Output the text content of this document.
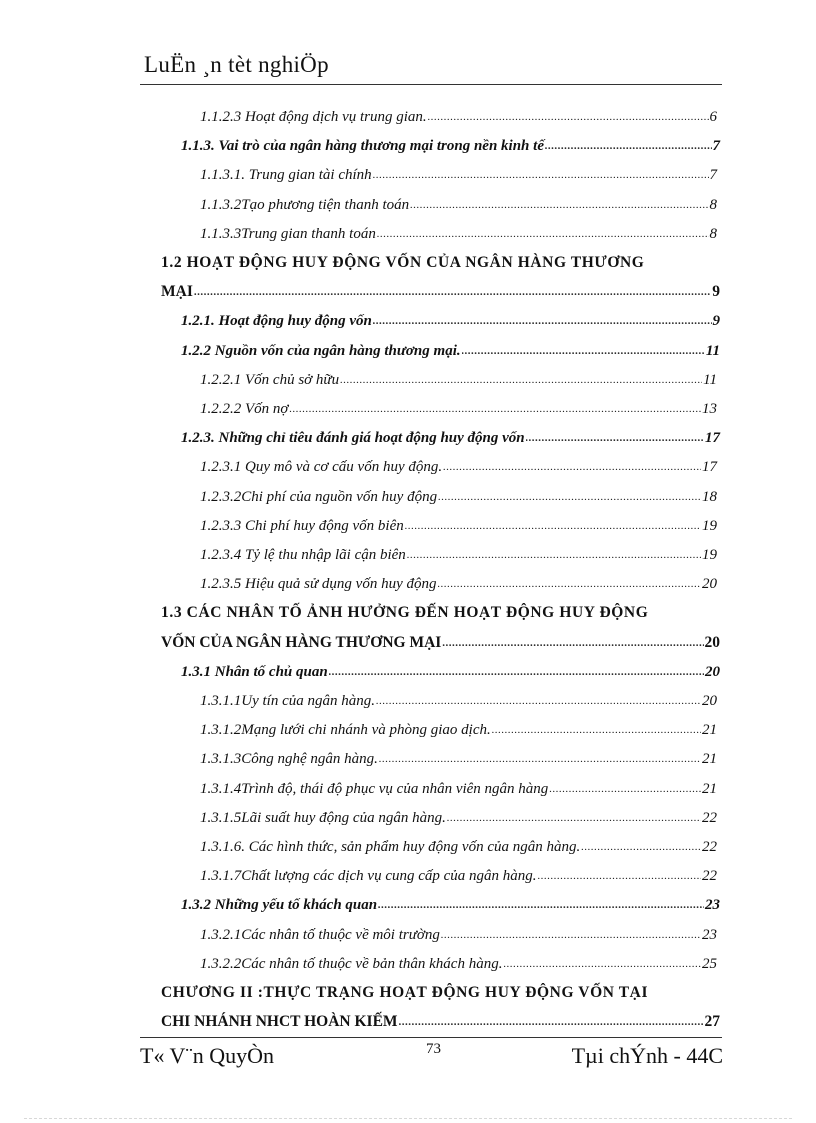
LuËn ¸n tèt nghiÖp
1.1.2.3 Hoạt động dịch vụ trung gian. .....	6
1.1.3. Vai trò của ngân hàng thương mại trong nền kinh tế .....	7
1.1.3.1. Trung gian tài chính .....	7
1.1.3.2Tạo phương tiện thanh toán .....	8
1.1.3.3Trung gian thanh toán .....	8
1.2 HOẠT ĐỘNG HUY ĐỘNG VỐN CỦA NGÂN HÀNG THƯƠNG
MẠI .....	9
1.2.1. Hoạt động huy động vốn .....	9
1.2.2 Nguồn vốn của ngân hàng thương mại. .....	11
1.2.2.1 Vốn chủ sở hữu .....	11
1.2.2.2 Vốn nợ .....	13
1.2.3. Những chỉ tiêu đánh giá hoạt động huy động vốn .....	17
1.2.3.1 Quy mô và cơ cấu vốn huy động. .....	17
1.2.3.2Chi phí của nguồn vốn huy động .....	18
1.2.3.3 Chi phí huy động vốn biên .....	19
1.2.3.4 Tỷ lệ thu nhập lãi cận biên .....	19
1.2.3.5 Hiệu quả sử dụng vốn huy động .....	20
1.3 CÁC NHÂN TỐ ẢNH HƯỞNG ĐẾN HOẠT ĐỘNG HUY ĐỘNG
VỐN CỦA NGÂN HÀNG THƯƠNG MẠI .....	20
1.3.1 Nhân tố chủ quan .....	20
1.3.1.1Uy tín của ngân hàng. .....	20
1.3.1.2Mạng lưới chi nhánh và phòng giao dịch. .....	21
1.3.1.3Công nghệ ngân hàng. .....	21
1.3.1.4Trình độ, thái độ phục vụ của nhân viên ngân hàng .....	21
1.3.1.5Lãi suất huy động của ngân hàng. .....	22
1.3.1.6. Các hình thức, sản phẩm huy động vốn của ngân hàng. .....	22
1.3.1.7Chất lượng các dịch vụ cung cấp của ngân hàng. .....	22
1.3.2 Những yếu tố khách quan .....	23
1.3.2.1Các nhân tố thuộc về môi trường .....	23
1.3.2.2Các nhân tố thuộc về bản thân khách hàng. .....	25
CHƯƠNG II :THỰC TRẠNG HOẠT ĐỘNG HUY ĐỘNG VỐN TẠI
CHI NHÁNH NHCT HOÀN KIẾM .....	27
T« V¨n QuyÒn	73	Tµi chÝnh - 44C
